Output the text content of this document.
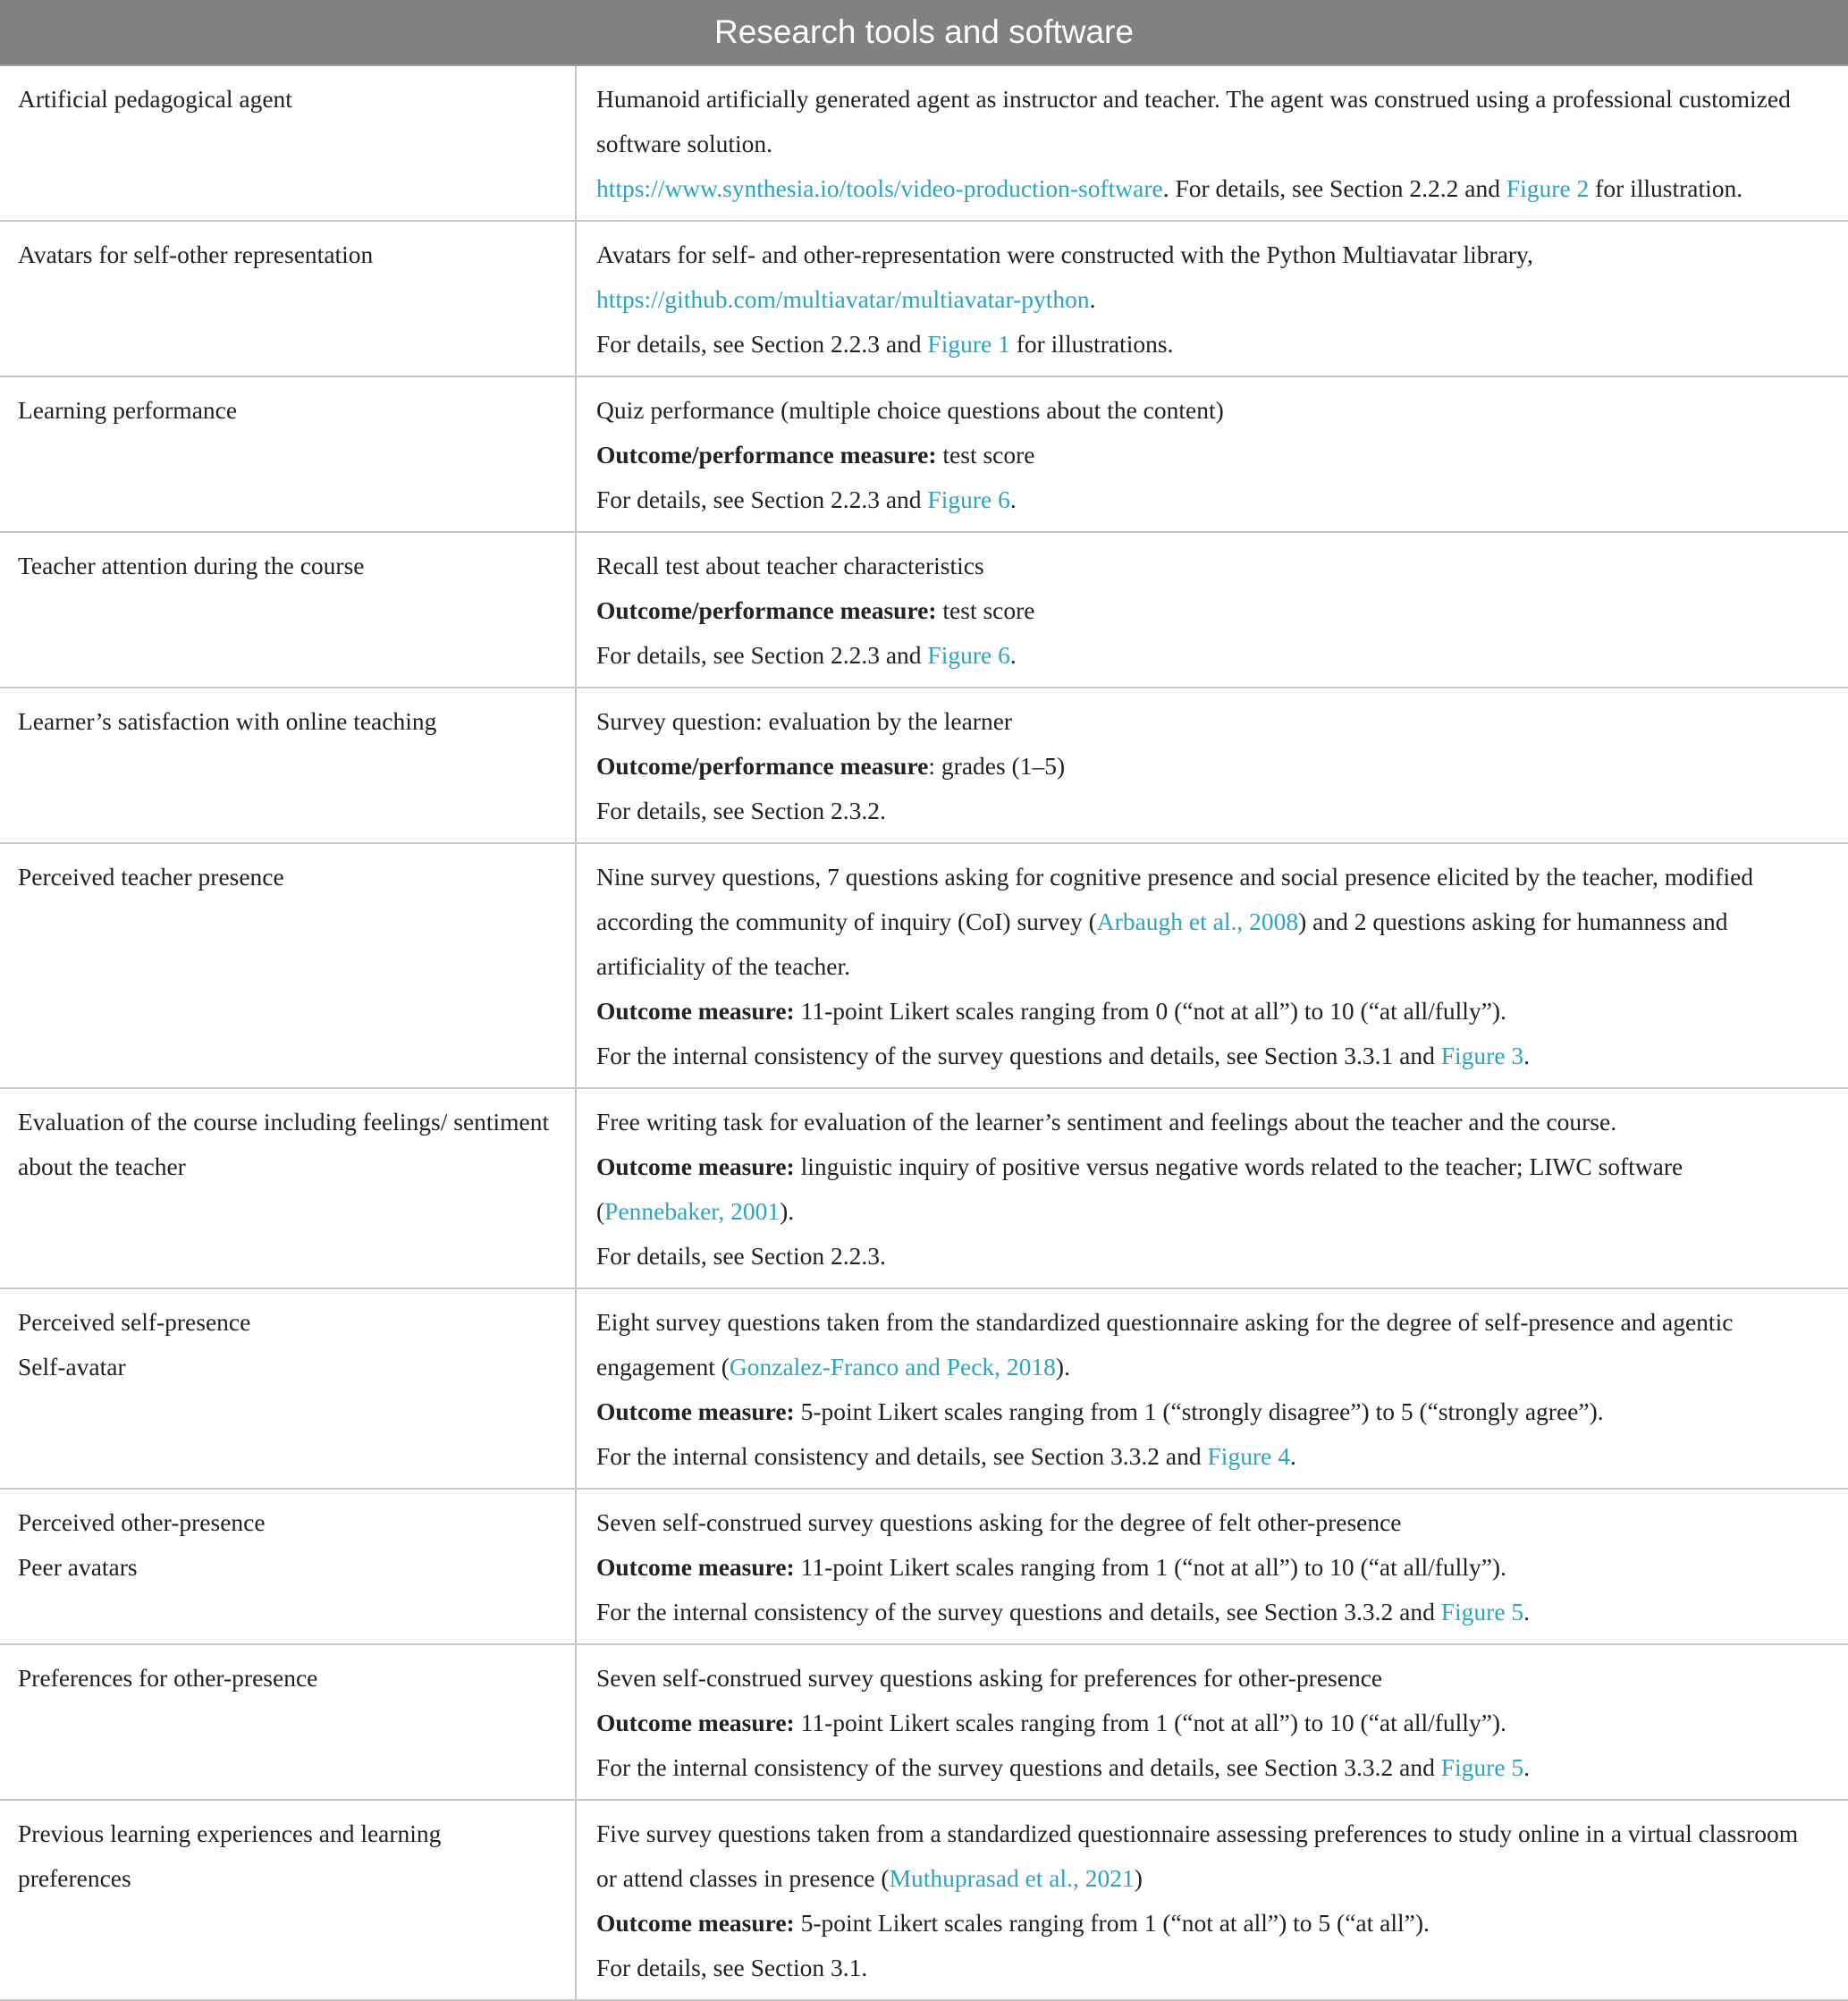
Research tools and software	

Artificial pedagogical agent	Humanoid artificially generated agent as instructor and teacher. The agent was construed using a professional customized software solution.
https://www.synthesia.io/tools/video-production-software. For details, see Section 2.2.2 and Figure 2 for illustration.

Avatars for self-other representation	Avatars for self- and other-representation were constructed with the Python Multiavatar library, https://github.com/multiavatar/multiavatar-python.
For details, see Section 2.2.3 and Figure 1 for illustrations.

Learning performance	Quiz performance (multiple choice questions about the content)
Outcome/performance measure: test score
For details, see Section 2.2.3 and Figure 6.

Teacher attention during the course	Recall test about teacher characteristics
Outcome/performance measure: test score
For details, see Section 2.2.3 and Figure 6.

Learner’s satisfaction with online teaching	Survey question: evaluation by the learner
Outcome/performance measure: grades (1–5)
For details, see Section 2.3.2.

Perceived teacher presence	Nine survey questions, 7 questions asking for cognitive presence and social presence elicited by the teacher, modified according the community of inquiry (CoI) survey (Arbaugh et al., 2008) and 2 questions asking for humanness and artificiality of the teacher.
Outcome measure: 11-point Likert scales ranging from 0 (“not at all”) to 10 (“at all/fully”).
For the internal consistency of the survey questions and details, see Section 3.3.1 and Figure 3.

Evaluation of the course including feelings/ sentiment about the teacher	Free writing task for evaluation of the learner’s sentiment and feelings about the teacher and the course.
Outcome measure: linguistic inquiry of positive versus negative words related to the teacher; LIWC software (Pennebaker, 2001).
For details, see Section 2.2.3.

Perceived self-presence
Self-avatar	Eight survey questions taken from the standardized questionnaire asking for the degree of self-presence and agentic engagement (Gonzalez-Franco and Peck, 2018).
Outcome measure: 5-point Likert scales ranging from 1 (“strongly disagree”) to 5 (“strongly agree”).
For the internal consistency and details, see Section 3.3.2 and Figure 4.

Perceived other-presence
Peer avatars	Seven self-construed survey questions asking for the degree of felt other-presence
Outcome measure: 11-point Likert scales ranging from 1 (“not at all”) to 10 (“at all/fully”).
For the internal consistency of the survey questions and details, see Section 3.3.2 and Figure 5.

Preferences for other-presence	Seven self-construed survey questions asking for preferences for other-presence
Outcome measure: 11-point Likert scales ranging from 1 (“not at all”) to 10 (“at all/fully”).
For the internal consistency of the survey questions and details, see Section 3.3.2 and Figure 5.

Previous learning experiences and learning preferences	Five survey questions taken from a standardized questionnaire assessing preferences to study online in a virtual classroom or attend classes in presence (Muthuprasad et al., 2021)
Outcome measure: 5-point Likert scales ranging from 1 (“not at all”) to 5 (“at all”).
For details, see Section 3.1.
